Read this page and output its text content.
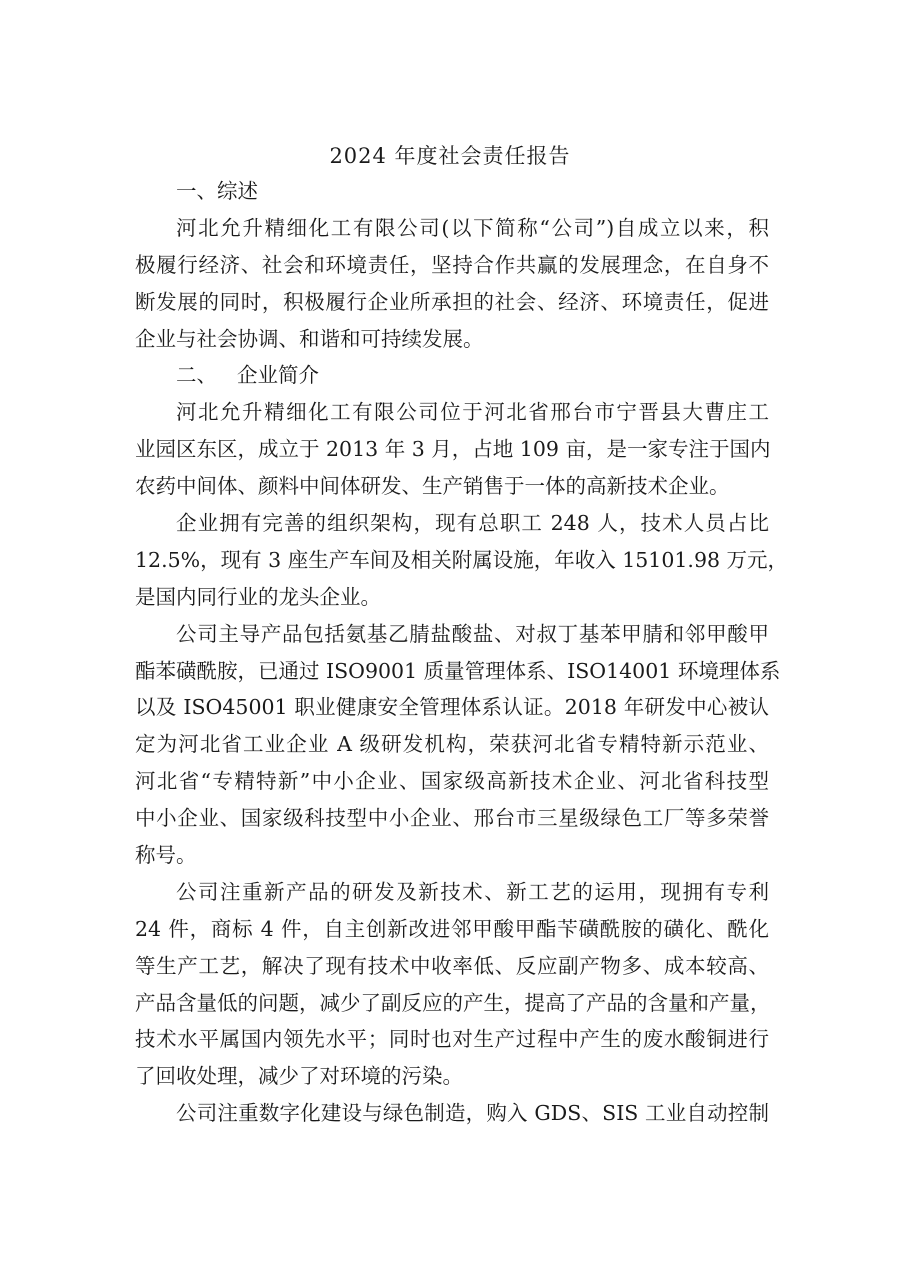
2024 年度社会责任报告
一、综述
河北允升精细化工有限公司(以下简称“公司”)自成立以来，积
极履行经济、社会和环境责任，坚持合作共赢的发展理念，在自身不
断发展的同时，积极履行企业所承担的社会、经济、环境责任，促进
企业与社会协调、和谐和可持续发展。
二、 企业简介
河北允升精细化工有限公司位于河北省邢台市宁晋县大曹庄工
业园区东区，成立于 2013 年 3 月，占地 109 亩，是一家专注于国内
农药中间体、颜料中间体研发、生产销售于一体的高新技术企业。
企业拥有完善的组织架构，现有总职工 248 人，技术人员占比
12.5%，现有 3 座生产车间及相关附属设施，年收入 15101.98 万元，
是国内同行业的龙头企业。
公司主导产品包括氨基乙腈盐酸盐、对叔丁基苯甲腈和邻甲酸甲
酯苯磺酰胺，已通过 ISO9001 质量管理体系、ISO14001 环境理体系
以及 ISO45001 职业健康安全管理体系认证。2018 年研发中心被认
定为河北省工业企业 A 级研发机构，荣获河北省专精特新示范业、
河北省“专精特新”中小企业、国家级高新技术企业、河北省科技型
中小企业、国家级科技型中小企业、邢台市三星级绿色工厂等多荣誉
称号。
公司注重新产品的研发及新技术、新工艺的运用，现拥有专利
24 件，商标 4 件，自主创新改进邻甲酸甲酯苄磺酰胺的磺化、酰化
等生产工艺，解决了现有技术中收率低、反应副产物多、成本较高、
产品含量低的问题，减少了副反应的产生，提高了产品的含量和产量，
技术水平属国内领先水平；同时也对生产过程中产生的废水酸铜进行
了回收处理，减少了对环境的污染。
公司注重数字化建设与绿色制造，购入 GDS、SIS 工业自动控制
